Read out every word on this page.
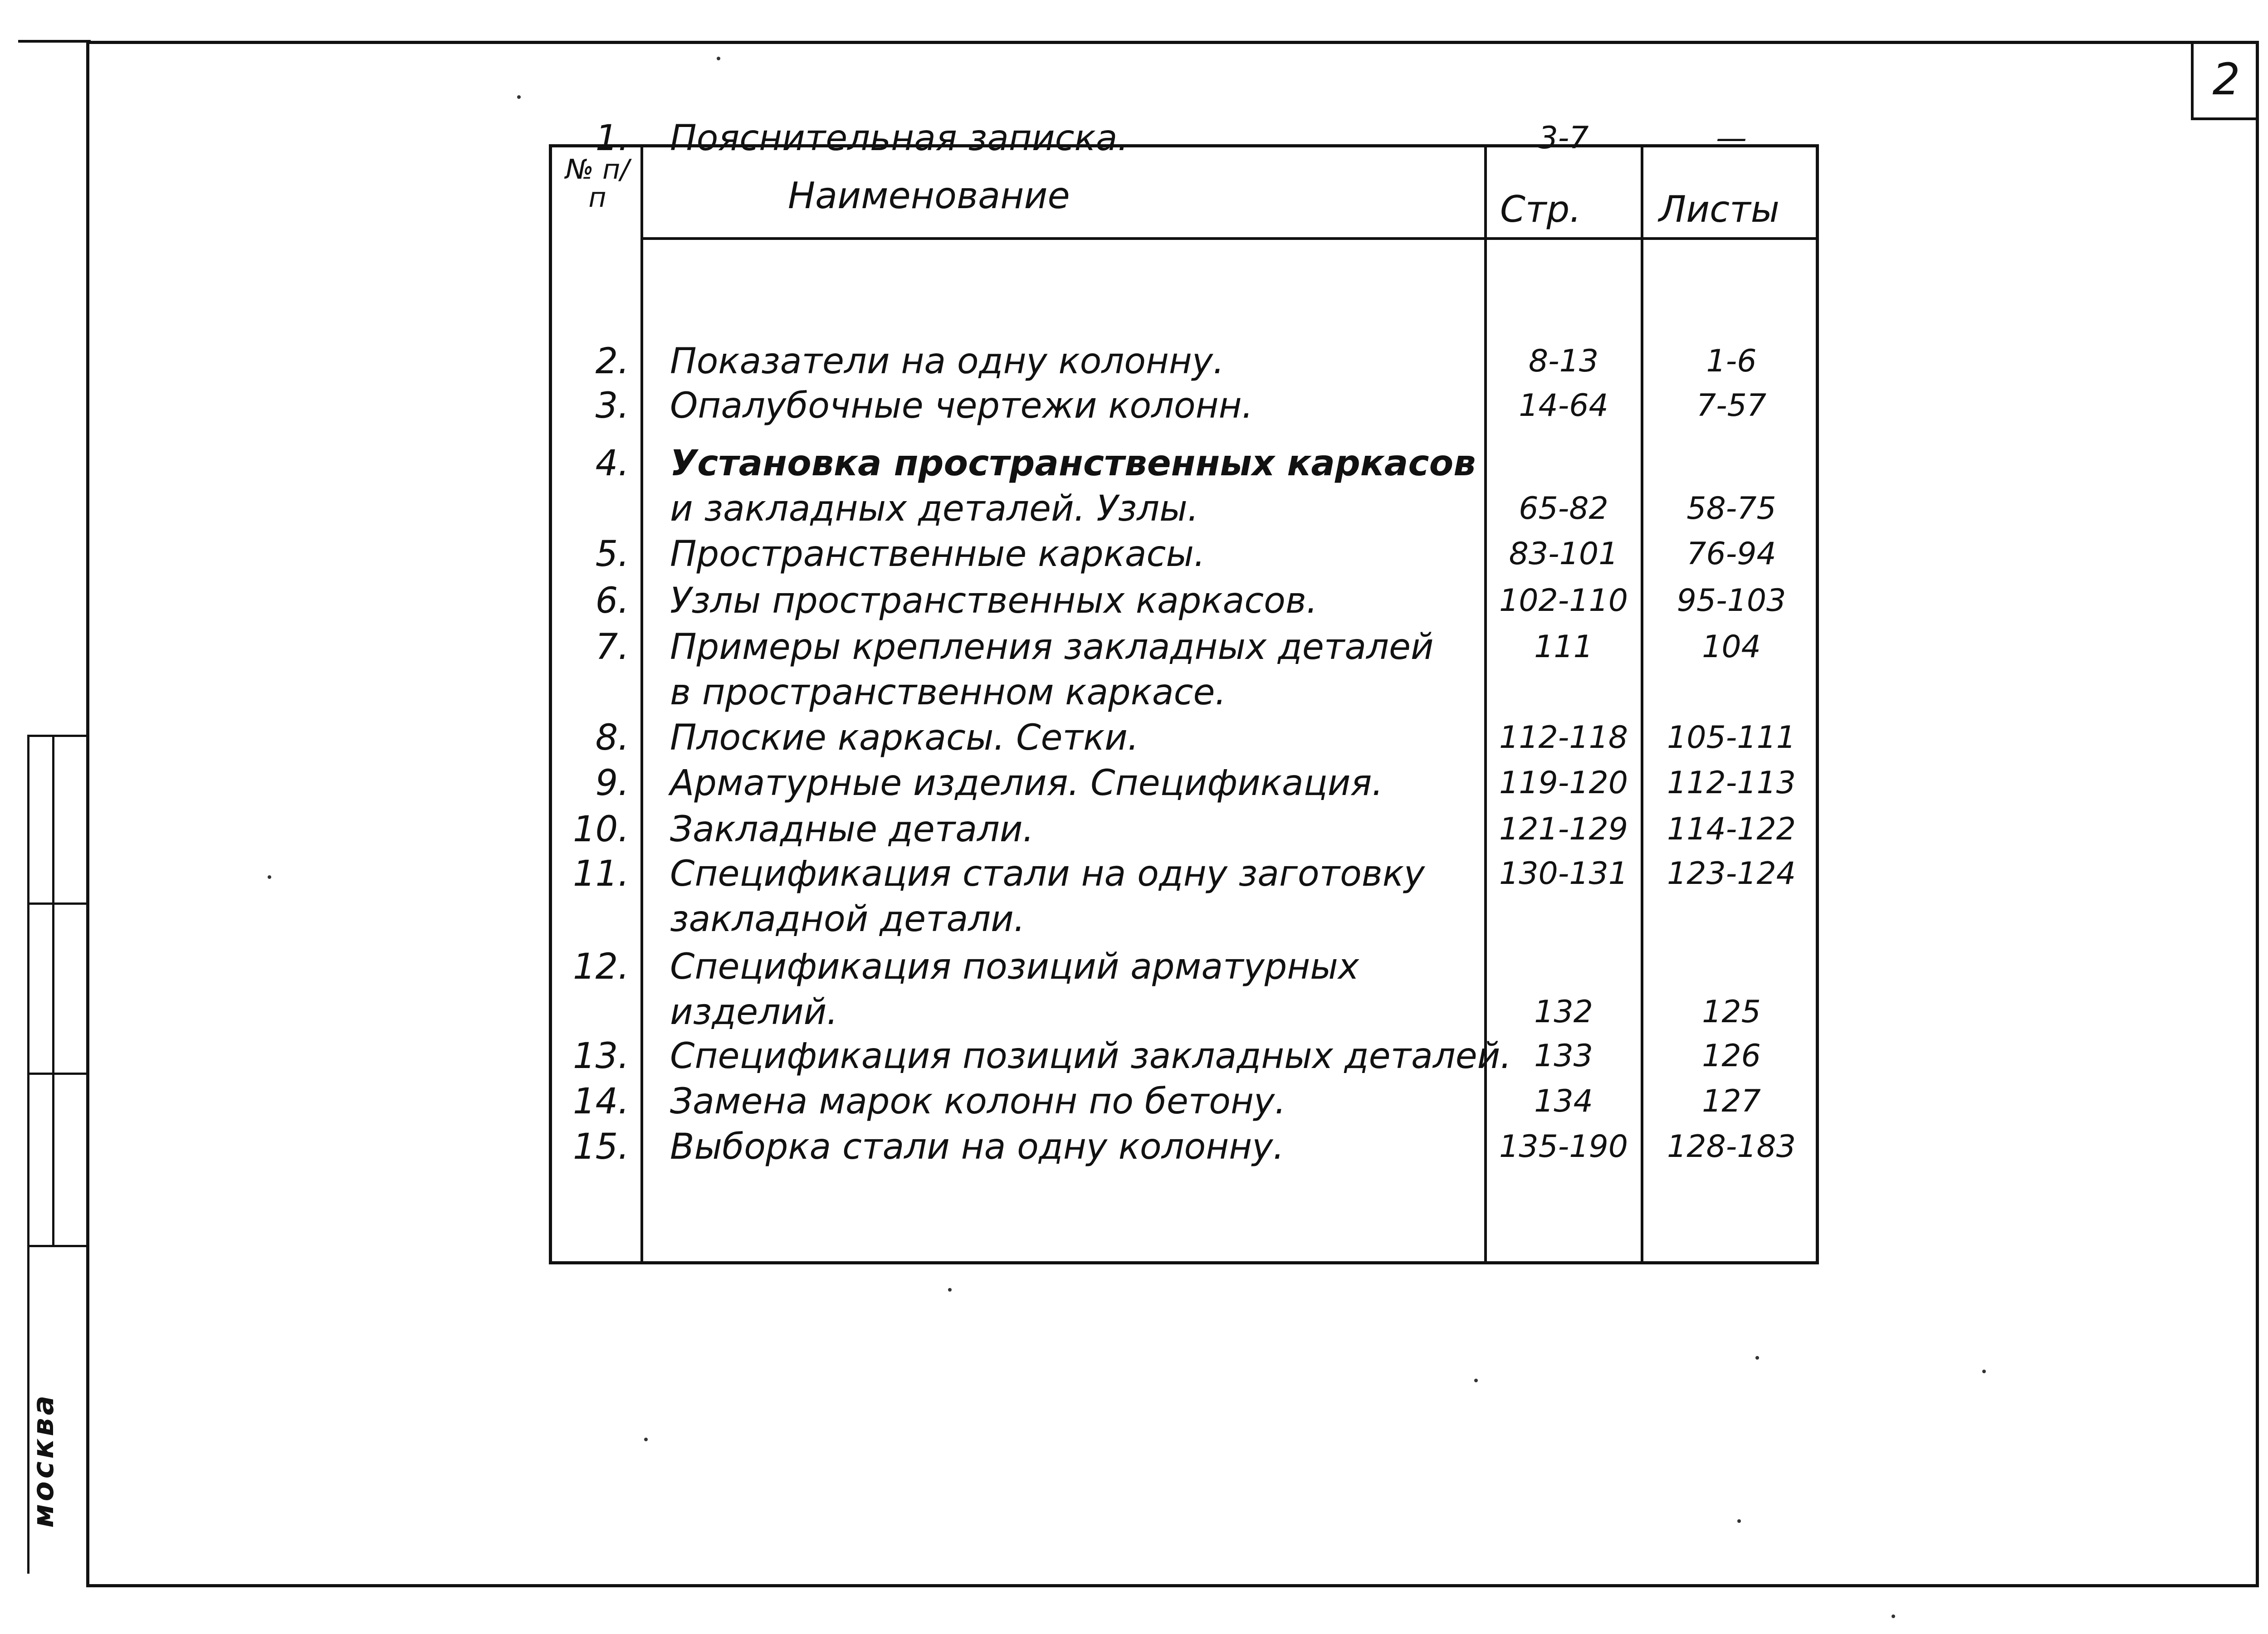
москва
2
№ п/п	Наименование	Стр. Листы
1. Пояснительная записка.	3-7	—
2. Показатели на одну колонну.	8-13	1-6
3. Опалубочные чертежи колонн.	14-64	7-57
4. Установка пространственных каркасов
и закладных деталей. Узлы.	65-82	58-75
5. Пространственные каркасы.	83-101	76-94
6. Узлы пространственных каркасов.	102-110	95-103
7. Примеры крепления закладных деталей
в пространственном каркасе.
111	104
8. Плоские каркасы. Сетки.	112-118	105-111
9. Арматурные изделия. Спецификация.	119-120	112-113
10. Закладные детали.	121-129	114-122
11. Спецификация стали на одну заготовку
закладной детали.
130-131	123-124
12. Спецификация позиций арматурных
изделий.	132	125
13. Спецификация позиций закладных деталей. 133	126
14. Замена марок колонн по бетону.	134	127
15. Выборка стали на одну колонну.	135-190	128-183
